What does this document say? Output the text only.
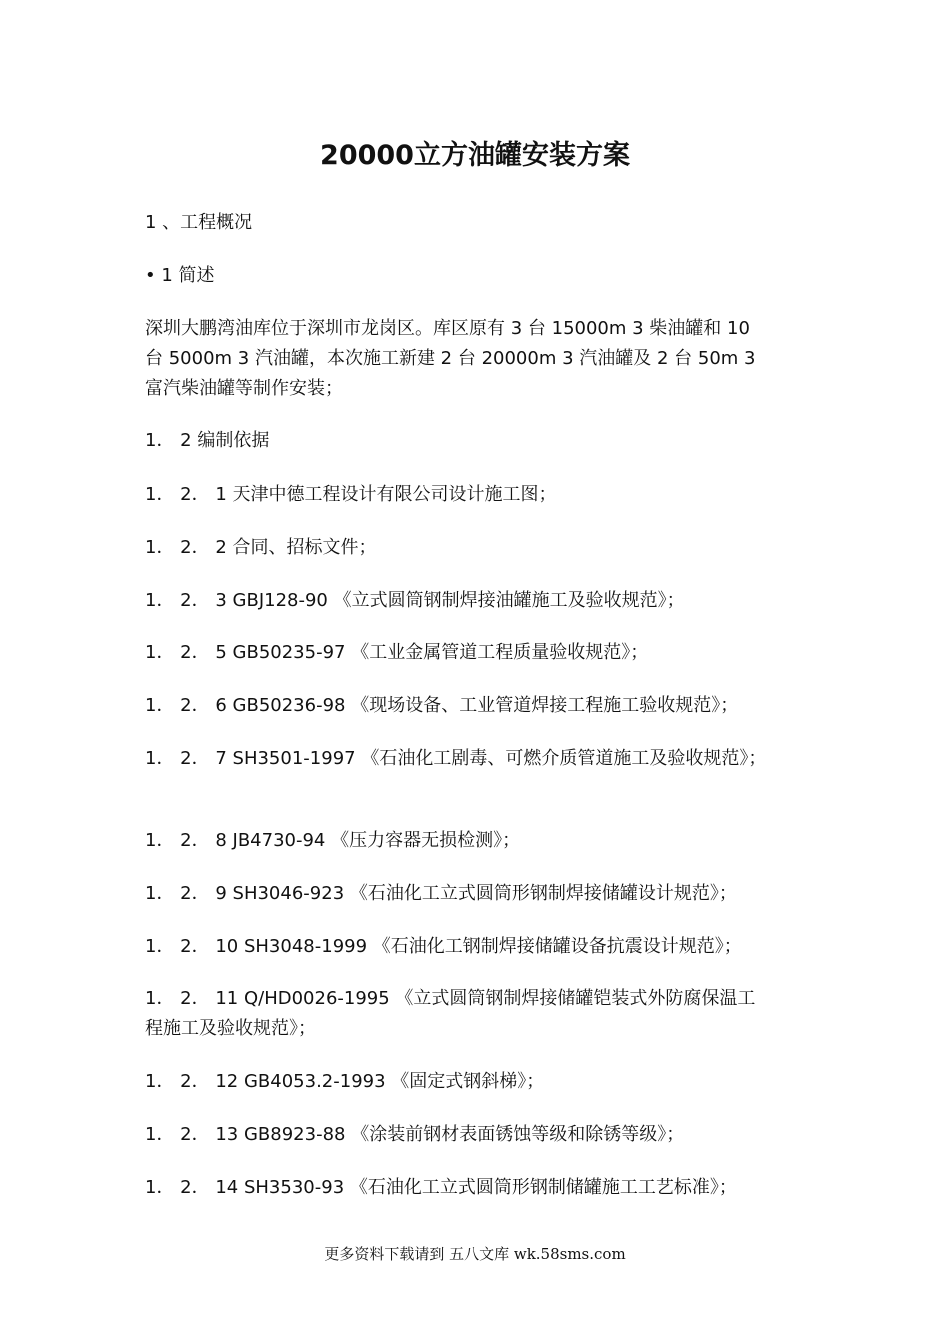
20000立方油罐安装方案
1 、工程概况
• 1 简述
深圳大鹏湾油库位于深圳市龙岗区。库区原有 3 台 15000m 3 柴油罐和 10
台 5000m 3 汽油罐，本次施工新建 2 台 20000m 3 汽油罐及 2 台 50m 3
富汽柴油罐等制作安装；
1． 2 编制依据
1． 2． 1 天津中德工程设计有限公司设计施工图；
1． 2． 2 合同、招标文件；
1． 2． 3 GBJ128-90 《立式圆筒钢制焊接油罐施工及验收规范》；
1． 2． 5 GB50235-97 《工业金属管道工程质量验收规范》；
1． 2． 6 GB50236-98 《现场设备、工业管道焊接工程施工验收规范》；
1． 2． 7 SH3501-1997 《石油化工剧毒、可燃介质管道施工及验收规范》；
1． 2． 8 JB4730-94 《压力容器无损检测》；
1． 2． 9 SH3046-923 《石油化工立式圆筒形钢制焊接储罐设计规范》；
1． 2． 10 SH3048-1999 《石油化工钢制焊接储罐设备抗震设计规范》；
1． 2． 11 Q/HD0026-1995 《立式圆筒钢制焊接储罐铠装式外防腐保温工
程施工及验收规范》；
1． 2． 12 GB4053.2-1993 《固定式钢斜梯》；
1． 2． 13 GB8923-88 《涂装前钢材表面锈蚀等级和除锈等级》；
1． 2． 14 SH3530-93 《石油化工立式圆筒形钢制储罐施工工艺标准》；
更多资料下载请到 五八文库 wk.58sms.com
